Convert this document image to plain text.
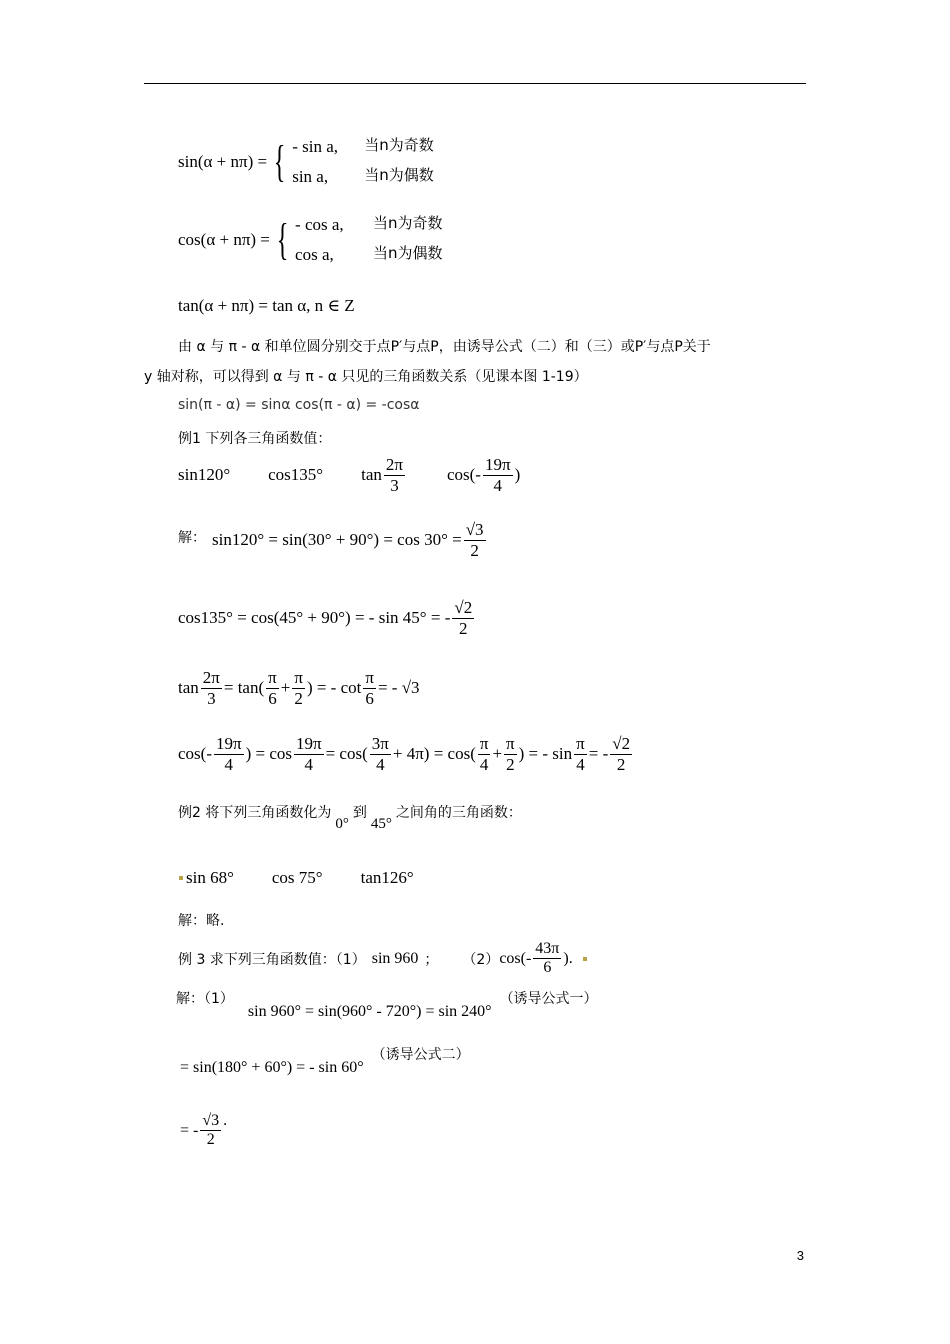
sin(α + nπ) = { - sin a,	当n为奇数
sin a,	当n为偶数
cos(α + nπ) = { - cos a,	当n为奇数
cos a,	当n为偶数
tan(α + nπ) = tan α, n ∈ Z
由 α 与 π - α 和单位圆分别交于点P′与点P，由诱导公式（二）和（三）或P′与点P关于
y 轴对称，可以得到 α 与 π - α 只见的三角函数关系（见课本图 1-19）
sin(π - α) = sinα cos(π - α) = -cosα
例1 下列各三角函数值：
sin120° cos135° $\tan \frac{2\pi}{3} \cos(- \frac{19\pi}{4}$ )
解： $\sin 120^\circ = \sin(30^\circ + 90^\circ) = \cos 30^\circ = \frac{√3}{2}$
cos135° = cos(45° + 90°) = - sin 45° = - $\frac{√2}{2}$
$\tan \frac{2\pi}{3} = \tan( \frac{\pi}{6} + \frac{\pi}{2}$ ) = - $\cot \frac{\pi}{6}$ = - √3
$\cos(- \frac{19\pi}{4}$ ) = $\cos \frac{19\pi}{4} = \cos( \frac{3\pi}{4} + 4\pi) = \cos( \frac{\pi}{4} + \frac{\pi}{2}$ ) = - $\sin \frac{\pi}{4}$ = - $\frac{√2}{2}$
例2 将下列三角函数化为
0°
到
45°
之间角的三角函数：
sin 68° cos 75° tan126°
解：略.
例 3 求下列三角函数值：（1） sin 960 ； （2） $\cos(- \frac{43\pi}{6}$ ).
解：（1）
sin 960° = sin(960° - 720°) = sin 240°
（诱导公式一）
= sin(180° + 60°) = - sin 60°
（诱导公式二）
= - $\frac{√3}{2}$ .
3
